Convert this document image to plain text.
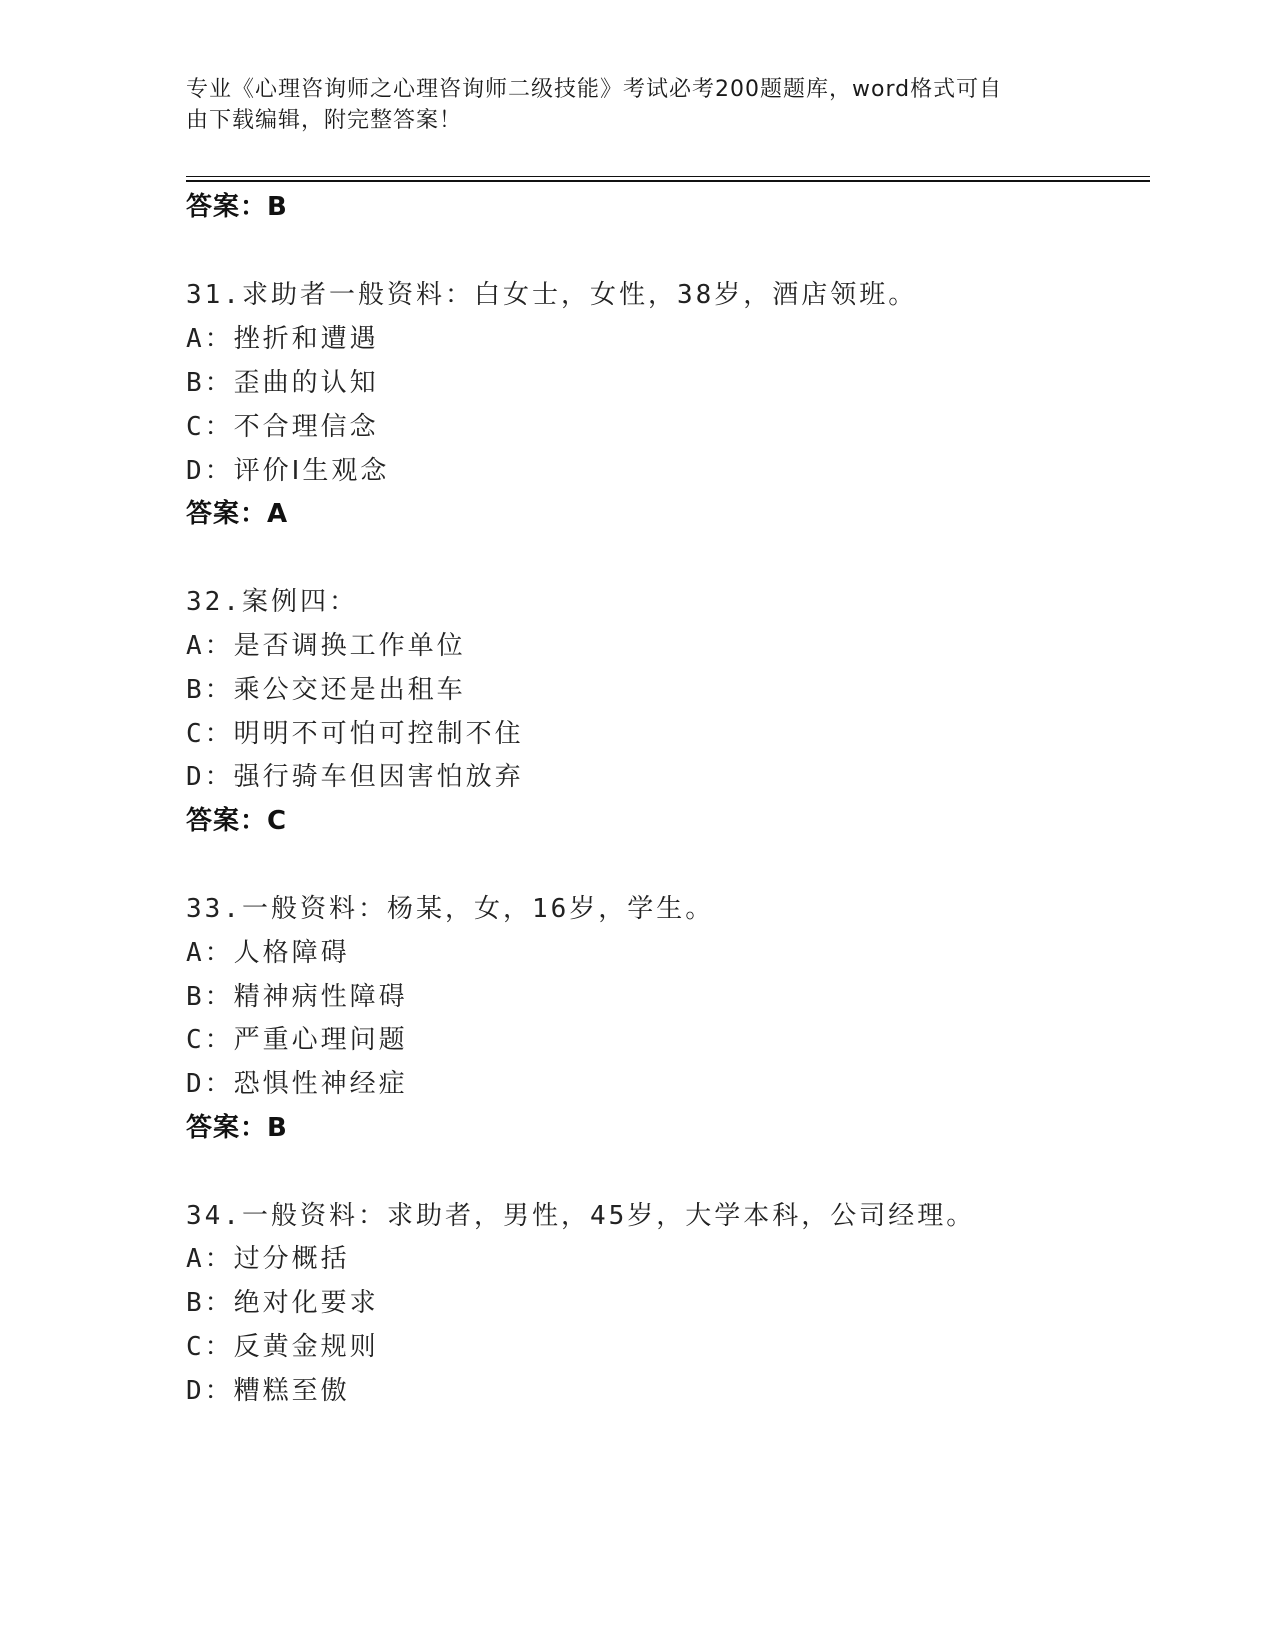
专业《心理咨询师之心理咨询师二级技能》考试必考200题题库，word格式可自
由下载编辑，附完整答案！
答案：B
31.求助者一般资料：白女士，女性，38岁，酒店领班。
A：挫折和遭遇
B：歪曲的认知
C：不合理信念
D：评价Ⅰ生观念
答案：A
32.案例四：
A：是否调换工作单位
B：乘公交还是出租车
C：明明不可怕可控制不住
D：强行骑车但因害怕放弃
答案：C
33.一般资料：杨某，女，16岁，学生。
A：人格障碍
B：精神病性障碍
C：严重心理问题
D：恐惧性神经症
答案：B
34.一般资料：求助者，男性，45岁，大学本科，公司经理。
A：过分概括
B：绝对化要求
C：反黄金规则
D：糟糕至傲
